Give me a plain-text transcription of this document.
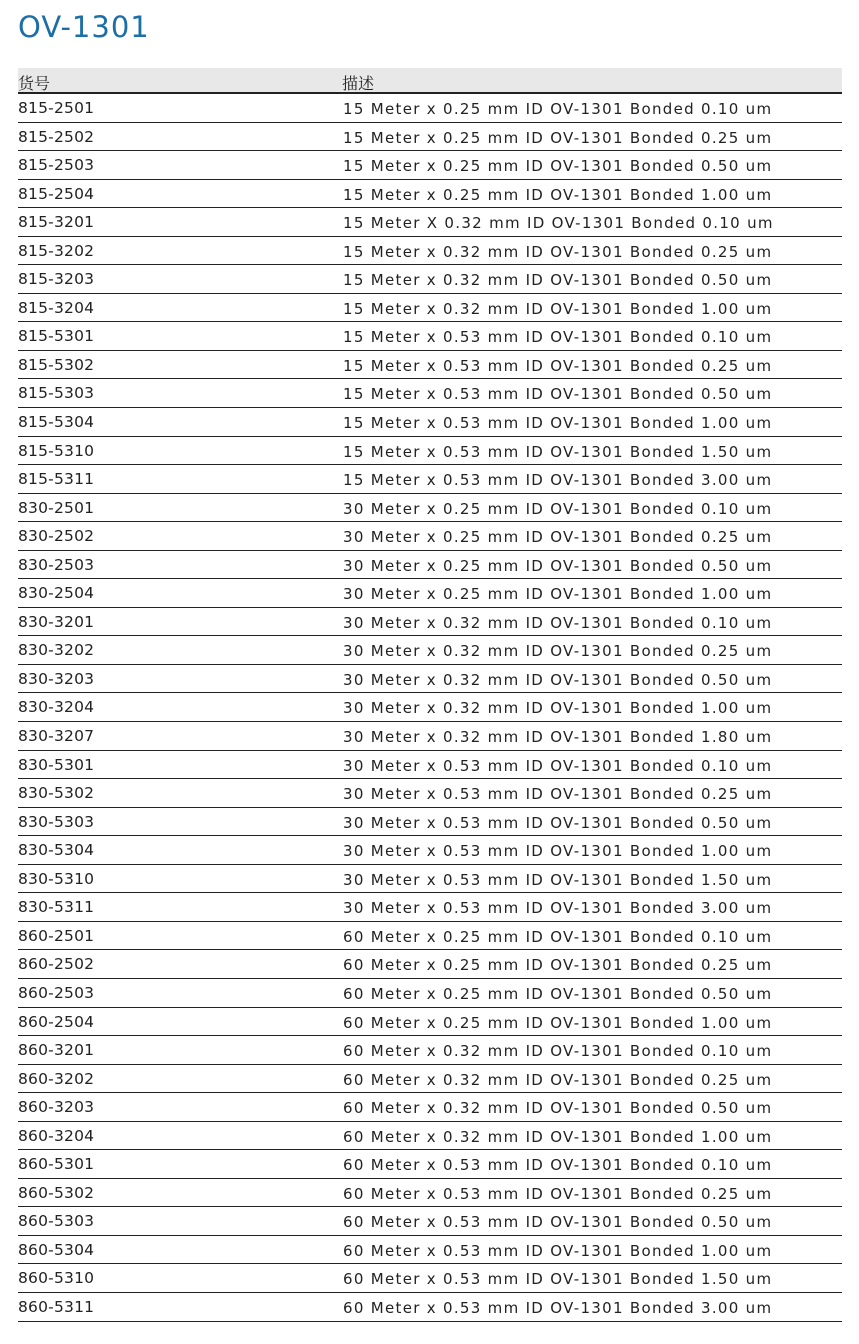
OV-1301
货号	描述
815-2501	15 Meter x 0.25 mm ID OV-1301 Bonded 0.10 um
815-2502	15 Meter x 0.25 mm ID OV-1301 Bonded 0.25 um
815-2503	15 Meter x 0.25 mm ID OV-1301 Bonded 0.50 um
815-2504	15 Meter x 0.25 mm ID OV-1301 Bonded 1.00 um
815-3201	15 Meter X 0.32 mm ID OV-1301 Bonded 0.10 um
815-3202	15 Meter x 0.32 mm ID OV-1301 Bonded 0.25 um
815-3203	15 Meter x 0.32 mm ID OV-1301 Bonded 0.50 um
815-3204	15 Meter x 0.32 mm ID OV-1301 Bonded 1.00 um
815-5301	15 Meter x 0.53 mm ID OV-1301 Bonded 0.10 um
815-5302	15 Meter x 0.53 mm ID OV-1301 Bonded 0.25 um
815-5303	15 Meter x 0.53 mm ID OV-1301 Bonded 0.50 um
815-5304	15 Meter x 0.53 mm ID OV-1301 Bonded 1.00 um
815-5310	15 Meter x 0.53 mm ID OV-1301 Bonded 1.50 um
815-5311	15 Meter x 0.53 mm ID OV-1301 Bonded 3.00 um
830-2501	30 Meter x 0.25 mm ID OV-1301 Bonded 0.10 um
830-2502	30 Meter x 0.25 mm ID OV-1301 Bonded 0.25 um
830-2503	30 Meter x 0.25 mm ID OV-1301 Bonded 0.50 um
830-2504	30 Meter x 0.25 mm ID OV-1301 Bonded 1.00 um
830-3201	30 Meter x 0.32 mm ID OV-1301 Bonded 0.10 um
830-3202	30 Meter x 0.32 mm ID OV-1301 Bonded 0.25 um
830-3203	30 Meter x 0.32 mm ID OV-1301 Bonded 0.50 um
830-3204	30 Meter x 0.32 mm ID OV-1301 Bonded 1.00 um
830-3207	30 Meter x 0.32 mm ID OV-1301 Bonded 1.80 um
830-5301	30 Meter x 0.53 mm ID OV-1301 Bonded 0.10 um
830-5302	30 Meter x 0.53 mm ID OV-1301 Bonded 0.25 um
830-5303	30 Meter x 0.53 mm ID OV-1301 Bonded 0.50 um
830-5304	30 Meter x 0.53 mm ID OV-1301 Bonded 1.00 um
830-5310	30 Meter x 0.53 mm ID OV-1301 Bonded 1.50 um
830-5311	30 Meter x 0.53 mm ID OV-1301 Bonded 3.00 um
860-2501	60 Meter x 0.25 mm ID OV-1301 Bonded 0.10 um
860-2502	60 Meter x 0.25 mm ID OV-1301 Bonded 0.25 um
860-2503	60 Meter x 0.25 mm ID OV-1301 Bonded 0.50 um
860-2504	60 Meter x 0.25 mm ID OV-1301 Bonded 1.00 um
860-3201	60 Meter x 0.32 mm ID OV-1301 Bonded 0.10 um
860-3202	60 Meter x 0.32 mm ID OV-1301 Bonded 0.25 um
860-3203	60 Meter x 0.32 mm ID OV-1301 Bonded 0.50 um
860-3204	60 Meter x 0.32 mm ID OV-1301 Bonded 1.00 um
860-5301	60 Meter x 0.53 mm ID OV-1301 Bonded 0.10 um
860-5302	60 Meter x 0.53 mm ID OV-1301 Bonded 0.25 um
860-5303	60 Meter x 0.53 mm ID OV-1301 Bonded 0.50 um
860-5304	60 Meter x 0.53 mm ID OV-1301 Bonded 1.00 um
860-5310	60 Meter x 0.53 mm ID OV-1301 Bonded 1.50 um
860-5311	60 Meter x 0.53 mm ID OV-1301 Bonded 3.00 um
